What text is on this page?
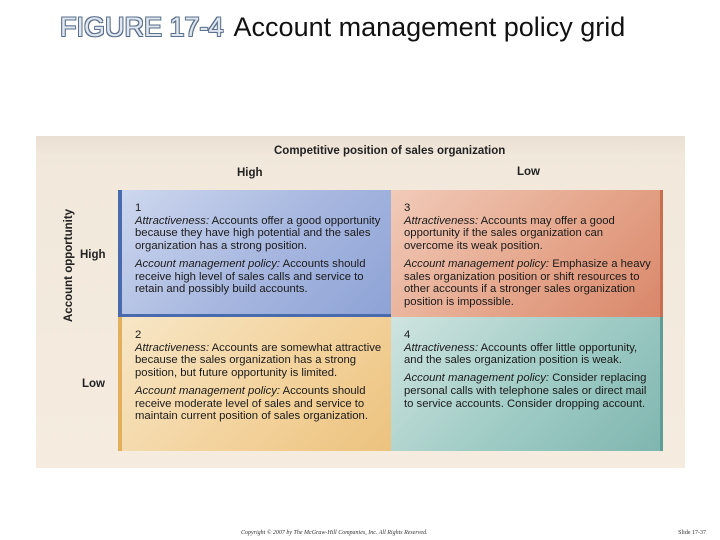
FIGURE 17-4 Account management policy grid
Competitive position of sales organization
High	Low
Account opportunity High
Low
1

Attractiveness: Accounts offer a good opportunity because they have high potential and the sales organization has a strong position.

Account management policy: Accounts should receive high level of sales calls and service to retain and possibly build accounts.

2

Attractiveness: Accounts are somewhat attractive because the sales organization has a strong position, but future opportunity is limited.

Account management policy: Accounts should receive moderate level of sales and service to maintain current position of sales organization.

3

Attractiveness: Accounts may offer a good opportunity if the sales organization can overcome its weak position.

Account management policy: Emphasize a heavy sales organization position or shift resources to other accounts if a stronger sales organization position is impossible.

4

Attractiveness: Accounts offer little opportunity, and the sales organization position is weak.

Account management policy: Consider replacing personal calls with telephone sales or direct mail to service accounts. Consider dropping account.

Copyright © 2007 by The McGraw-Hill Companies, Inc. All Rights Reserved.	Slide 17-37
